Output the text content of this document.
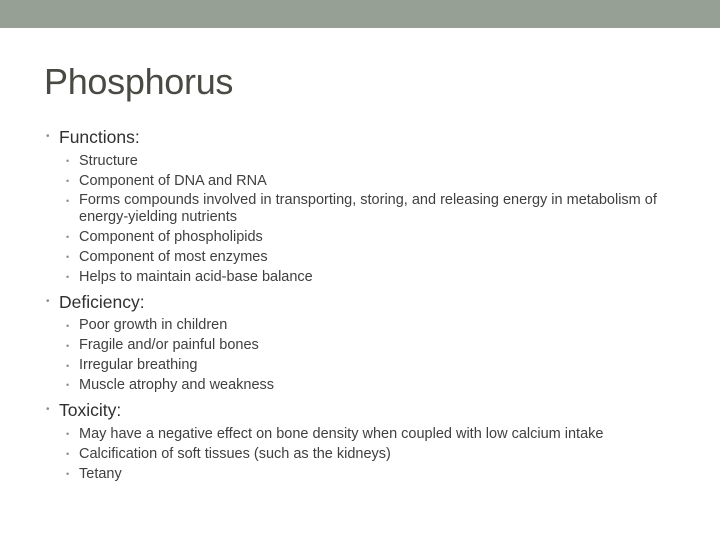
Phosphorus
• Functions:
• Structure
• Component of DNA and RNA
• Forms compounds involved in transporting, storing, and releasing energy in metabolism of energy-yielding nutrients
• Component of phospholipids
• Component of most enzymes
• Helps to maintain acid-base balance
• Deficiency:
• Poor growth in children
• Fragile and/or painful bones
• Irregular breathing
• Muscle atrophy and weakness
• Toxicity:
• May have a negative effect on bone density when coupled with low calcium intake
• Calcification of soft tissues (such as the kidneys)
• Tetany
